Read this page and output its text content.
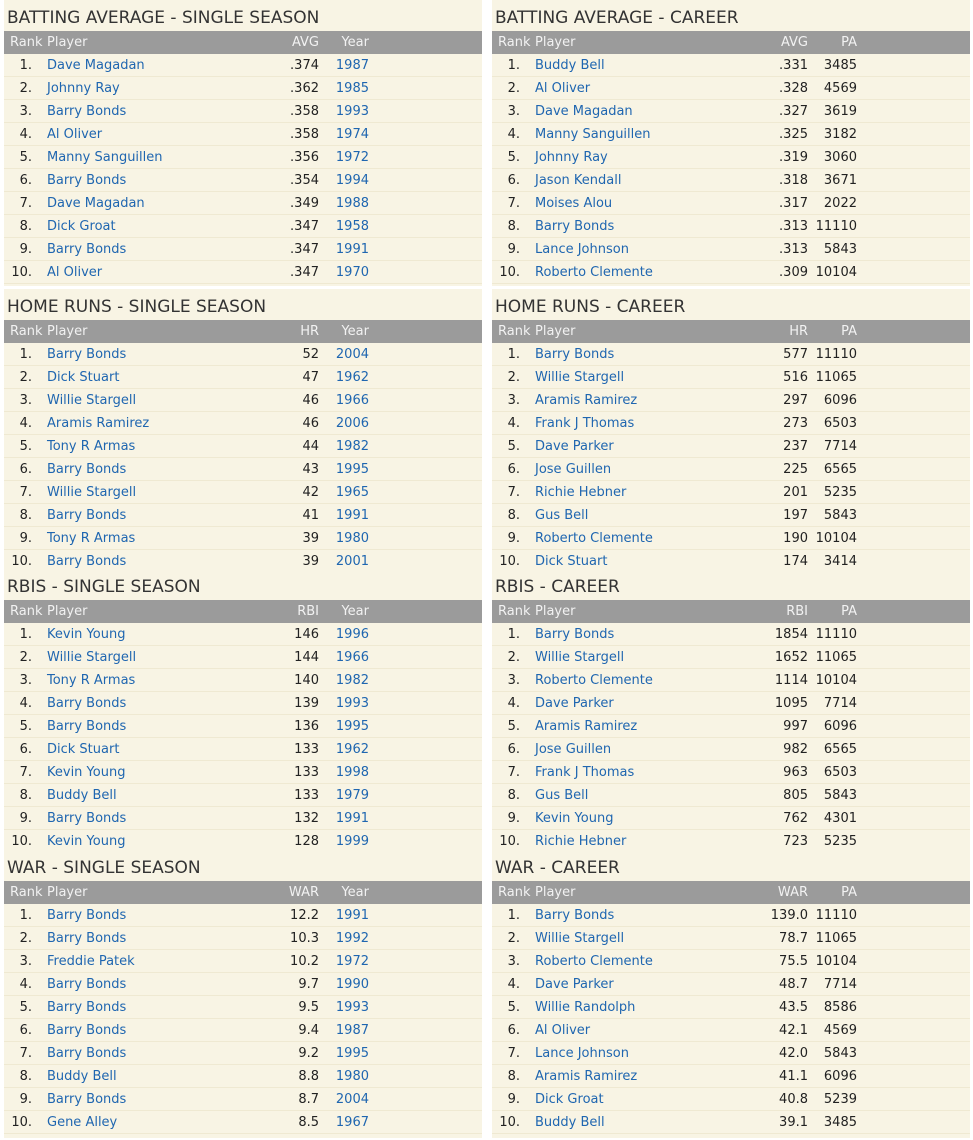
BATTING AVERAGE - SINGLE SEASON
Rank Player	AVG Year
1. Dave Magadan	.374 1987
2. Johnny Ray	.362 1985
3. Barry Bonds	.358 1993
4. Al Oliver	.358 1974
5. Manny Sanguillen	.356 1972
6. Barry Bonds	.354 1994
7. Dave Magadan	.349 1988
8. Dick Groat	.347 1958
9. Barry Bonds	.347 1991
10. Al Oliver	.347 1970
BATTING AVERAGE - CAREER
Rank Player	AVG	PA
1. Buddy Bell	.331 3485
2. Al Oliver	.328 4569
3. Dave Magadan	.327 3619
4. Manny Sanguillen	.325 3182
5. Johnny Ray	.319 3060
6. Jason Kendall	.318 3671
7. Moises Alou	.317 2022
8. Barry Bonds	.313 11110
9. Lance Johnson	.313 5843
10. Roberto Clemente	.309 10104
HOME RUNS - SINGLE SEASON
Rank Player	HR Year
1. Barry Bonds	52 2004
2. Dick Stuart	47 1962
3. Willie Stargell	46 1966
4. Aramis Ramirez	46 2006
5. Tony R Armas	44 1982
6. Barry Bonds	43 1995
7. Willie Stargell	42 1965
8. Barry Bonds	41 1991
9. Tony R Armas	39 1980
10. Barry Bonds	39 2001
HOME RUNS - CAREER
Rank Player	HR	PA
1. Barry Bonds	577 11110
2. Willie Stargell	516 11065
3. Aramis Ramirez	297 6096
4. Frank J Thomas	273 6503
5. Dave Parker	237 7714
6. Jose Guillen	225 6565
7. Richie Hebner	201 5235
8. Gus Bell	197 5843
9. Roberto Clemente	190 10104
10. Dick Stuart	174 3414
RBIS - SINGLE SEASON
Rank Player	RBI Year
1. Kevin Young	146 1996
2. Willie Stargell	144 1966
3. Tony R Armas	140 1982
4. Barry Bonds	139 1993
5. Barry Bonds	136 1995
6. Dick Stuart	133 1962
7. Kevin Young	133 1998
8. Buddy Bell	133 1979
9. Barry Bonds	132 1991
10. Kevin Young	128 1999
RBIS - CAREER
Rank Player	RBI	PA
1. Barry Bonds	1854 11110
2. Willie Stargell	1652 11065
3. Roberto Clemente	1114 10104
4. Dave Parker	1095 7714
5. Aramis Ramirez	997 6096
6. Jose Guillen	982 6565
7. Frank J Thomas	963 6503
8. Gus Bell	805 5843
9. Kevin Young	762 4301
10. Richie Hebner	723 5235
WAR - SINGLE SEASON
Rank Player	WAR Year
1. Barry Bonds	12.2 1991
2. Barry Bonds	10.3 1992
3. Freddie Patek	10.2 1972
4. Barry Bonds	9.7 1990
5. Barry Bonds	9.5 1993
6. Barry Bonds	9.4 1987
7. Barry Bonds	9.2 1995
8. Buddy Bell	8.8 1980
9. Barry Bonds	8.7 2004
10. Gene Alley	8.5 1967
WAR - CAREER
Rank Player	WAR	PA
1. Barry Bonds	139.0 11110
2. Willie Stargell	78.7 11065
3. Roberto Clemente	75.5 10104
4. Dave Parker	48.7 7714
5. Willie Randolph	43.5 8586
6. Al Oliver	42.1 4569
7. Lance Johnson	42.0 5843
8. Aramis Ramirez	41.1 6096
9. Dick Groat	40.8 5239
10. Buddy Bell	39.1 3485
